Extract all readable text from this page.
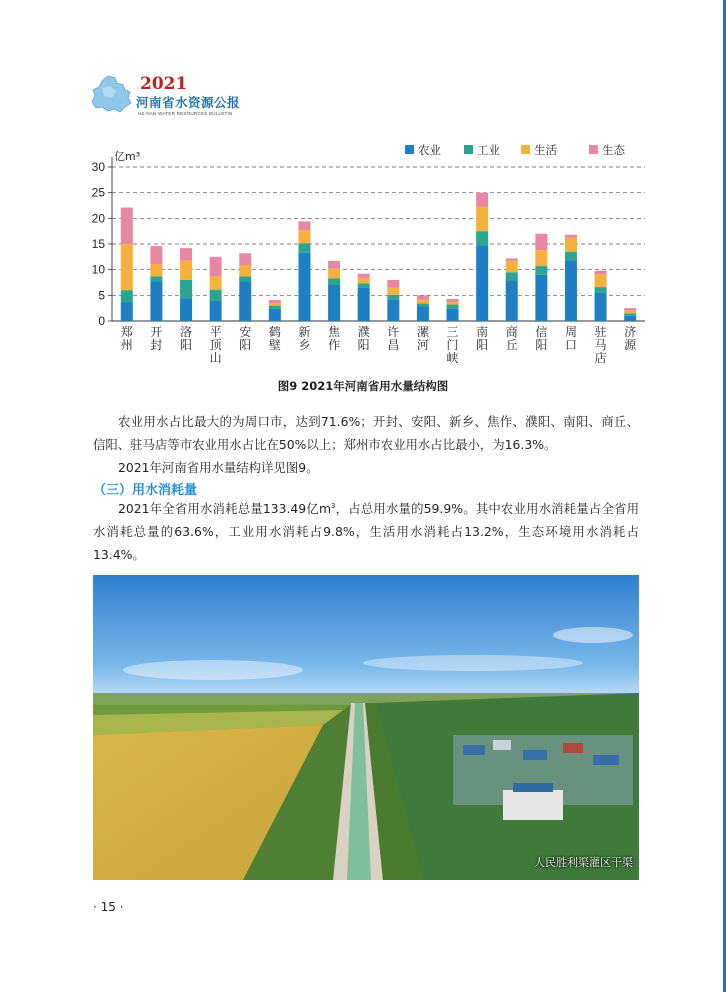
2021
河南省水资源公报
HE NAN WATER RESOURCES BULLETIN
0
5
10
15
20
25
30
亿m³
郑
州
开
封
洛
阳
平
顶
山
安
阳
鹤
壁
新
乡
焦
作
濮
阳
许
昌
漯
河
三
门
峡
南
阳
商
丘
信
阳
周
口
驻
马
店
济
源
农业	工业	生活	生态
图9 2021年河南省用水量结构图
农业用水占比最大的为周口市，达到71.6%；开封、安阳、新乡、焦作、濮阳、南阳、商丘、信阳、驻马店等市农业用水占比在50%以上；郑州市农业用水占比最小，为16.3%。
2021年河南省用水量结构详见图9。
（三）用水消耗量
2021年全省用水消耗总量133.49亿$m^3$，占总用水量的59.9%。其中农业用水消耗量占全省用水消耗总量的63.6%，工业用水消耗占9.8%，生活用水消耗占13.2%，生态环境用水消耗占13.4%。
人民胜利渠灌区干渠
· 15 ·
